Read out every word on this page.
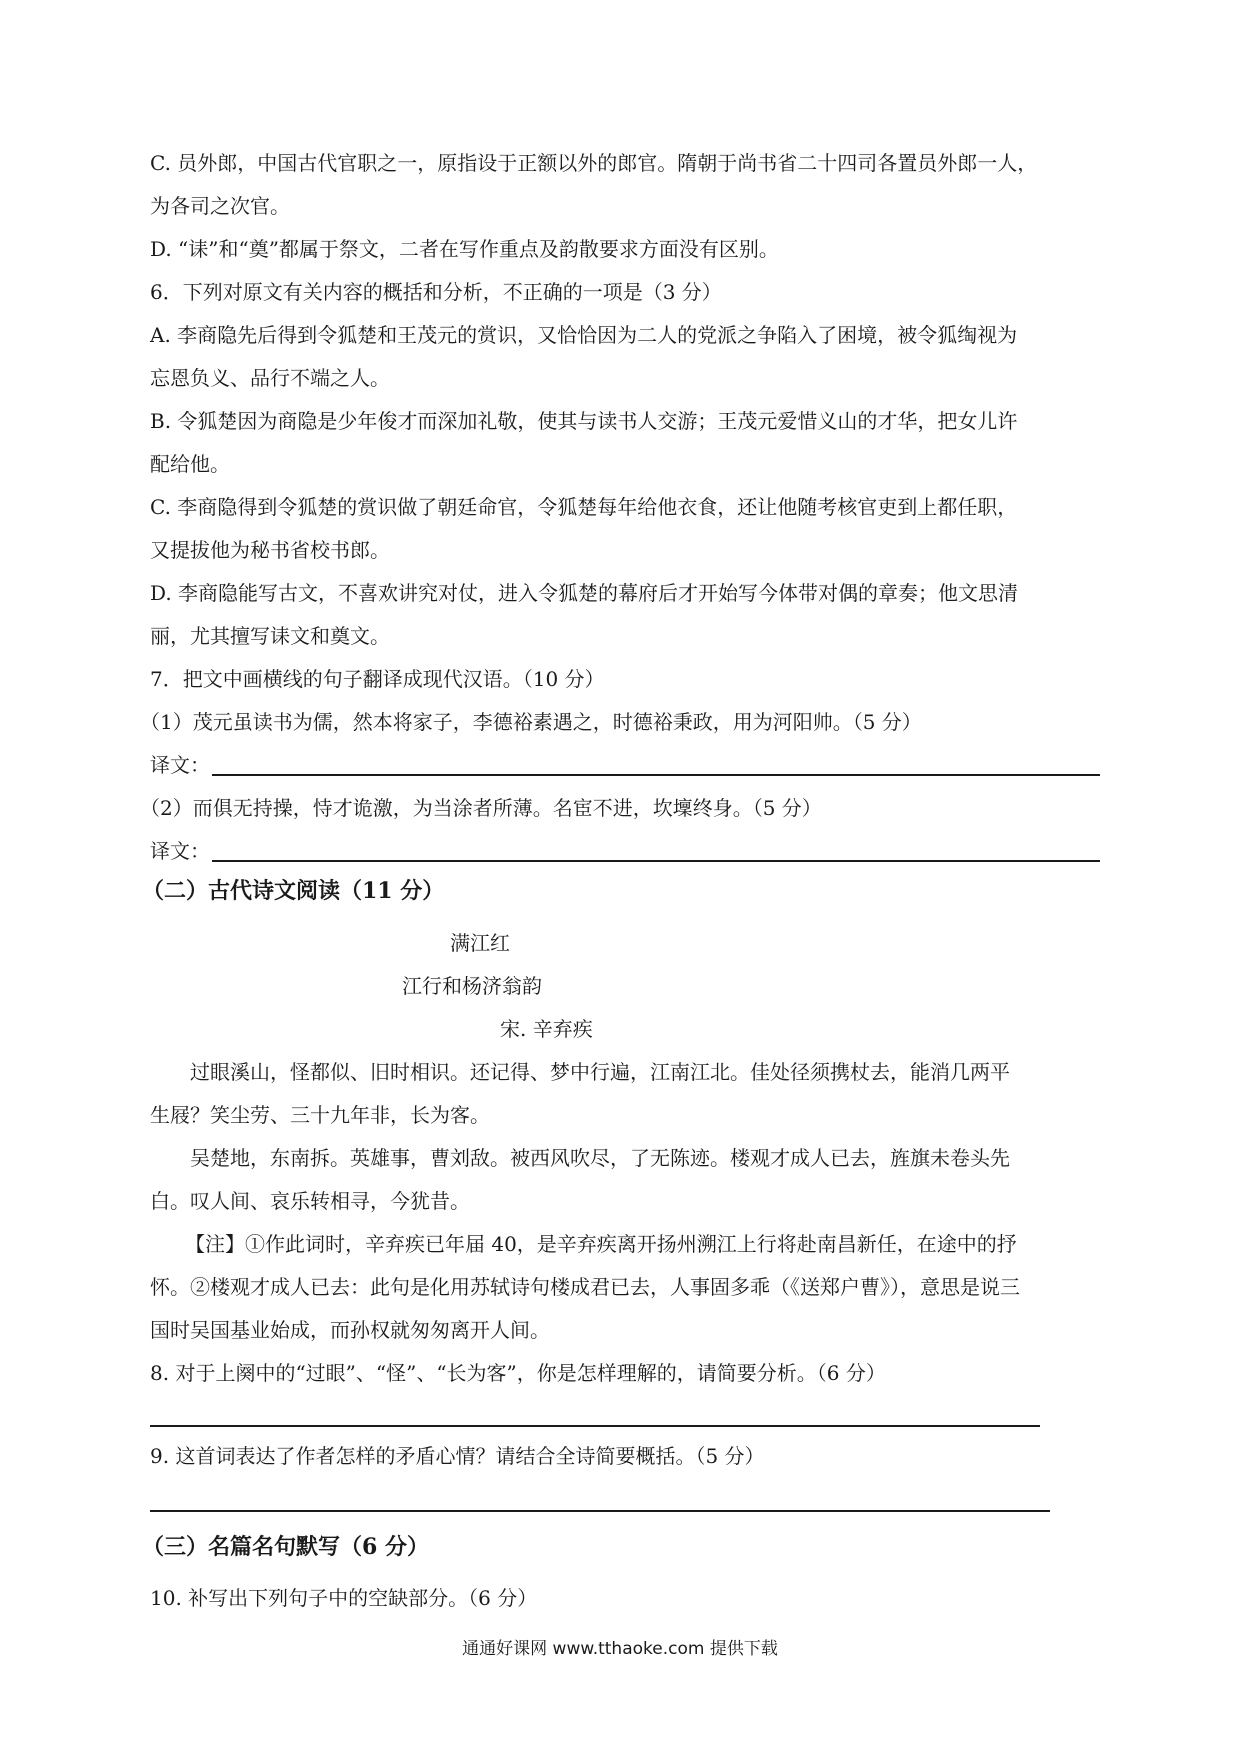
C. 员外郎，中国古代官职之一，原指设于正额以外的郎官。隋朝于尚书省二十四司各置员外郎一人，
为各司之次官。
D. “诔”和“奠”都属于祭文，二者在写作重点及韵散要求方面没有区别。
6．下列对原文有关内容的概括和分析，不正确的一项是（3 分）
A. 李商隐先后得到令狐楚和王茂元的赏识，又恰恰因为二人的党派之争陷入了困境，被令狐绹视为
忘恩负义、品行不端之人。
B. 令狐楚因为商隐是少年俊才而深加礼敬，使其与读书人交游；王茂元爱惜义山的才华，把女儿许
配给他。
C. 李商隐得到令狐楚的赏识做了朝廷命官，令狐楚每年给他衣食，还让他随考核官吏到上都任职，
又提拔他为秘书省校书郎。
D. 李商隐能写古文，不喜欢讲究对仗，进入令狐楚的幕府后才开始写今体带对偶的章奏；他文思清
丽，尤其擅写诔文和奠文。
7．把文中画横线的句子翻译成现代汉语。（10 分）
（1）茂元虽读书为儒，然本将家子，李德裕素遇之，时德裕秉政，用为河阳帅。（5 分）
译文：
（2）而俱无持操，恃才诡激，为当涂者所薄。名宦不进，坎壈终身。（5 分）
译文：
（二）古代诗文阅读（11 分）
满江红
江行和杨济翁韵
宋. 辛弃疾
过眼溪山，怪都似、旧时相识。还记得、梦中行遍，江南江北。佳处径须携杖去，能消几两平
生屐？笑尘劳、三十九年非，长为客。
吴楚地，东南拆。英雄事，曹刘敌。被西风吹尽，了无陈迹。楼观才成人已去，旌旗未卷头先
白。叹人间、哀乐转相寻，今犹昔。
【注】①作此词时，辛弃疾已年届 40，是辛弃疾离开扬州溯江上行将赴南昌新任，在途中的抒
怀。②楼观才成人已去：此句是化用苏轼诗句楼成君已去，人事固多乖（《送郑户曹》），意思是说三
国时吴国基业始成，而孙权就匆匆离开人间。
8. 对于上阕中的“过眼”、“怪”、“长为客”，你是怎样理解的，请简要分析。（6 分）
9. 这首词表达了作者怎样的矛盾心情？请结合全诗简要概括。（5 分）
（三）名篇名句默写（6 分）
10. 补写出下列句子中的空缺部分。（6 分）
通通好课网 www.tthaoke.com 提供下载
